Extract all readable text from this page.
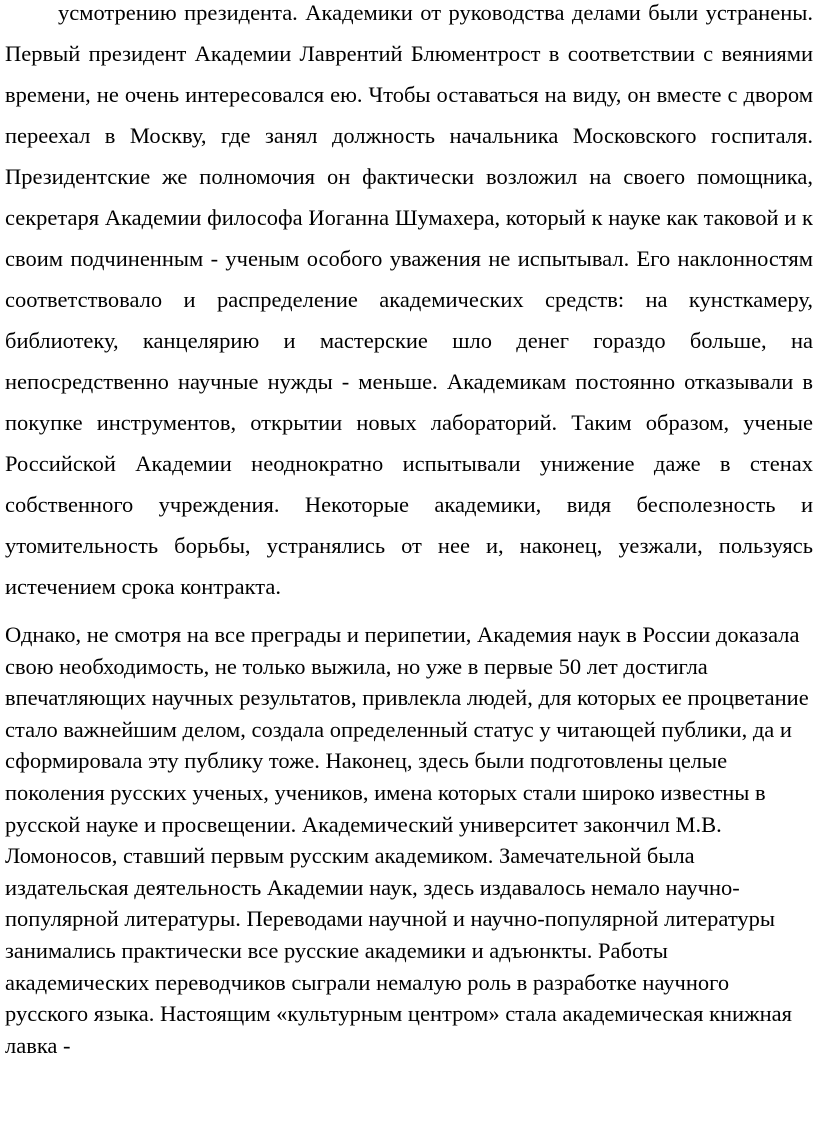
усмотрению президента. Академики от руководства делами были устранены. Первый президент Академии Лаврентий Блюментрост в соответствии с веяниями времени, не очень интересовался ею. Чтобы оставаться на виду, он вместе с двором переехал в Москву, где занял должность начальника Московского госпиталя. Президентские же полномочия он фактически возложил на своего помощника, секретаря Академии философа Иоганна Шумахера, который к науке как таковой и к своим подчиненным - ученым особого уважения не испытывал. Его наклонностям соответствовало и распределение академических средств: на кунсткамеру, библиотеку, канцелярию и мастерские шло денег гораздо больше, на непосредственно научные нужды - меньше. Академикам постоянно отказывали в покупке инструментов, открытии новых лабораторий. Таким образом, ученые Российской Академии неоднократно испытывали унижение даже в стенах собственного учреждения. Некоторые академики, видя бесполезность и утомительность борьбы, устранялись от нее и, наконец, уезжали, пользуясь истечением срока контракта.

Однако, не смотря на все преграды и перипетии, Академия наук в России доказала свою необходимость, не только выжила, но уже в первые 50 лет достигла впечатляющих научных результатов, привлекла людей, для которых ее процветание стало важнейшим делом, создала определенный статус у читающей публики, да и сформировала эту публику тоже. Наконец, здесь были подготовлены целые поколения русских ученых, учеников, имена которых стали широко известны в русской науке и просвещении. Академический университет закончил М.В. Ломоносов, ставший первым русским академиком. Замечательной была издательская деятельность Академии наук, здесь издавалось немало научно-популярной литературы. Переводами научной и научно-популярной литературы занимались практически все русские академики и адъюнкты. Работы академических переводчиков сыграли немалую роль в разработке научного русского языка. Настоящим «культурным центром» стала академическая книжная лавка -
